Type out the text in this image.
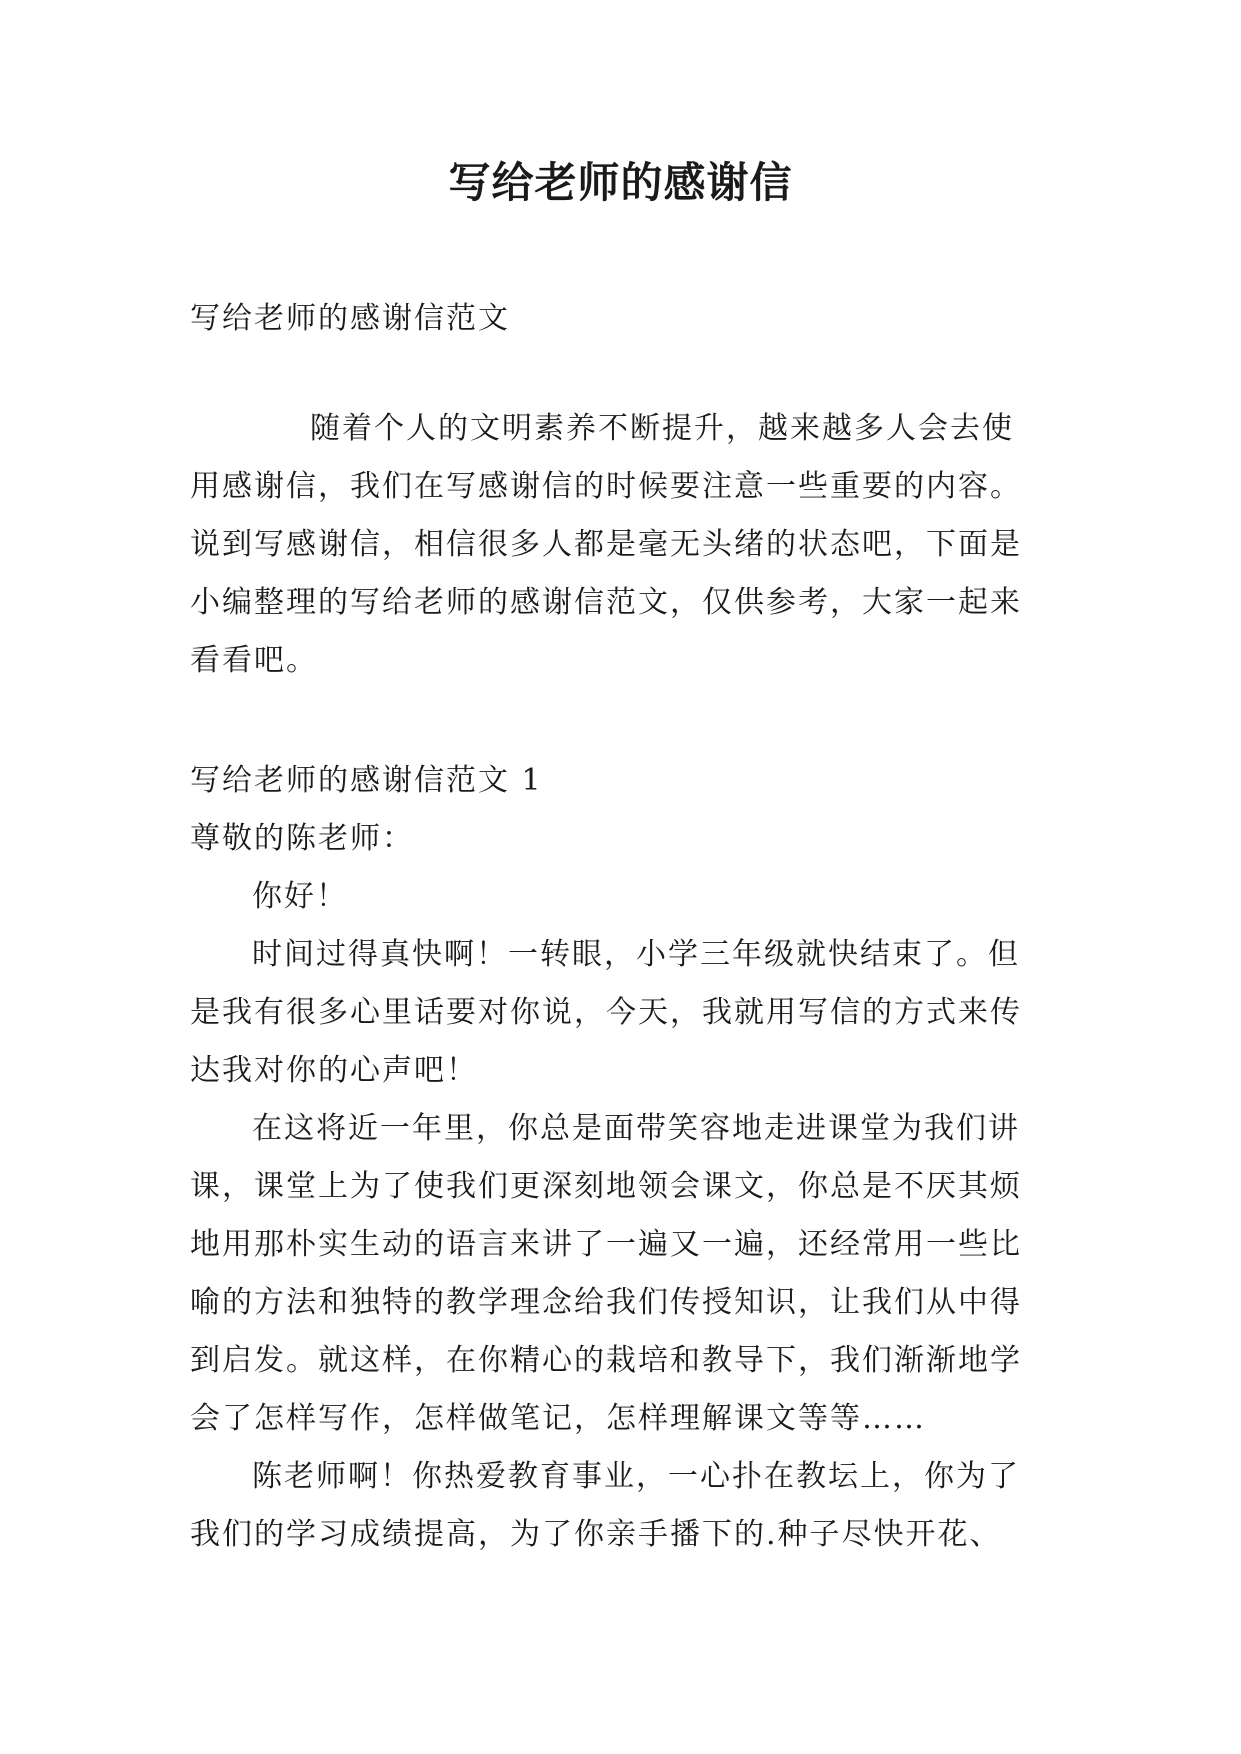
写给老师的感谢信

写给老师的感谢信范文

随着个人的文明素养不断提升，越来越多人会去使

用感谢信，我们在写感谢信的时候要注意一些重要的内容。

说到写感谢信，相信很多人都是毫无头绪的状态吧，下面是

小编整理的写给老师的感谢信范文，仅供参考，大家一起来

看看吧。

写给老师的感谢信范文 1

尊敬的陈老师：

你好！

时间过得真快啊！一转眼，小学三年级就快结束了。但

是我有很多心里话要对你说，今天，我就用写信的方式来传

达我对你的心声吧！

在这将近一年里，你总是面带笑容地走进课堂为我们讲

课，课堂上为了使我们更深刻地领会课文，你总是不厌其烦

地用那朴实生动的语言来讲了一遍又一遍，还经常用一些比

喻的方法和独特的教学理念给我们传授知识，让我们从中得

到启发。就这样，在你精心的栽培和教导下，我们渐渐地学

会了怎样写作，怎样做笔记，怎样理解课文等等……

陈老师啊！你热爱教育事业，一心扑在教坛上，你为了

我们的学习成绩提高，为了你亲手播下的.种子尽快开花、
